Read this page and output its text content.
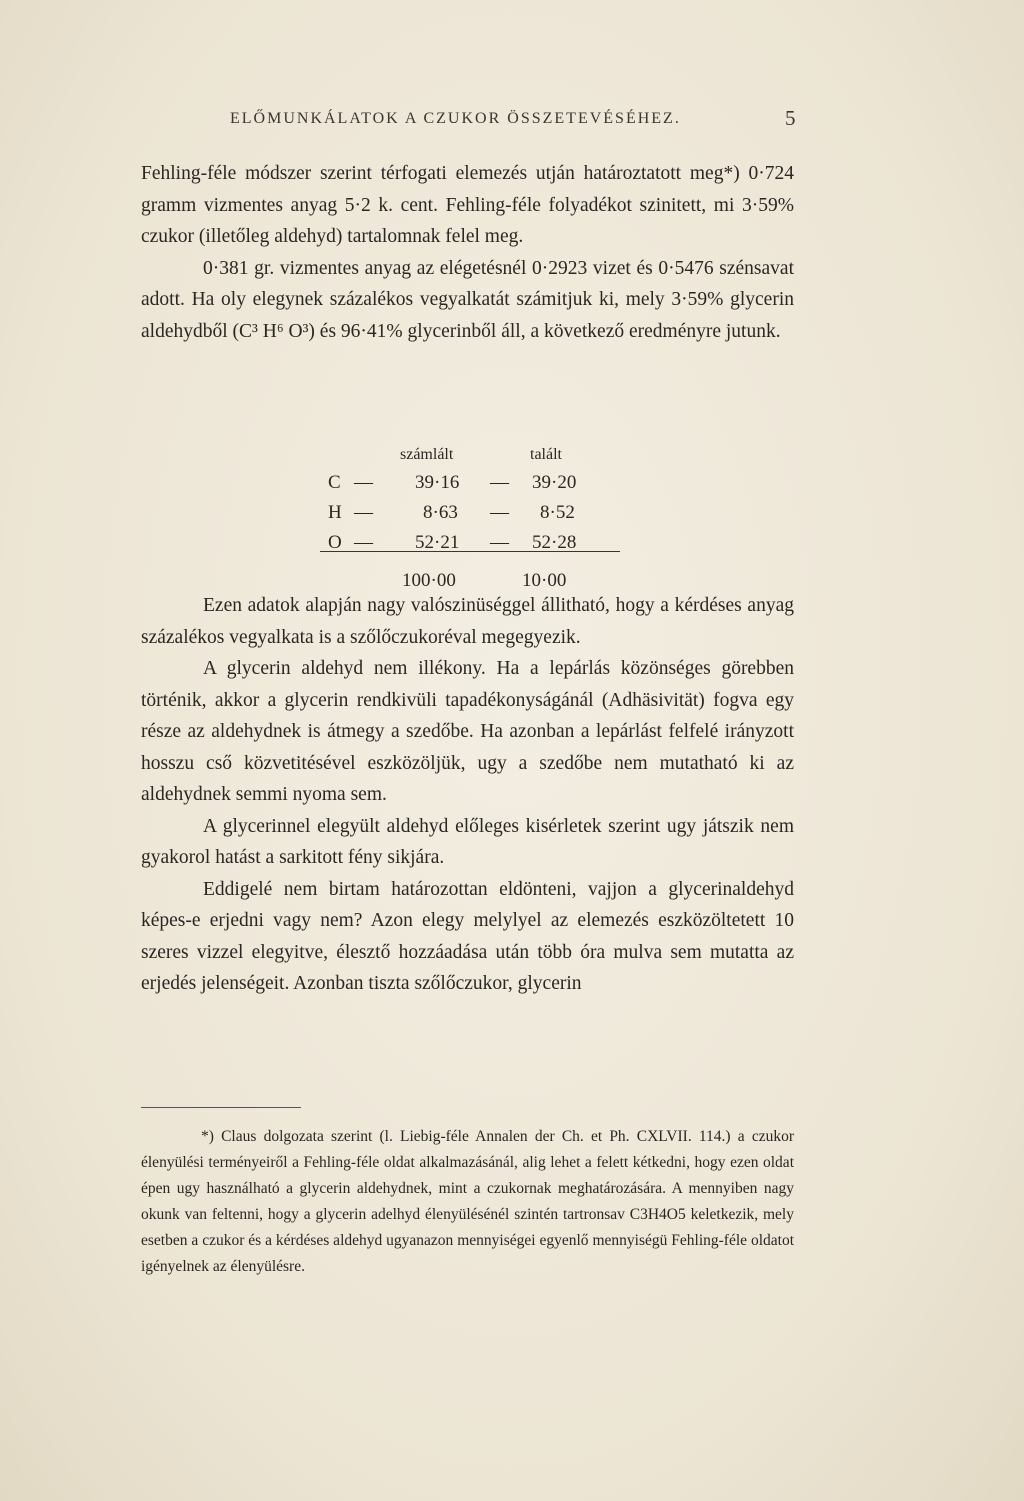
ELŐMUNKÁLATOK A CZUKOR ÖSSZETEVÉSÉHEZ.	5

Fehling-féle módszer szerint térfogati elemezés utján határoztatott meg*) 0·724 gramm vizmentes anyag 5·2 k. cent. Fehling-féle folyadékot szinitett, mi 3·59% czukor (illetőleg aldehyd) tartalomnak felel meg.

0·381 gr. vizmentes anyag az elégetésnél 0·2923 vizet és 0·5476 szénsavat adott. Ha oly elegynek százalékos vegyalkatát számitjuk ki, mely 3·59% glycerin aldehydből (C³ H⁶ O³) és 96·41% glycerinből áll, a következő eredményre jutunk.

számlált	talált
C — 39·16 — 39·20
H —	8·63 — 8·52
O — 52·21 — 52·28
100·00	10·00

Ezen adatok alapján nagy valószinüséggel állitható, hogy a kérdéses anyag százalékos vegyalkata is a szőlőczukoréval megegyezik.

A glycerin aldehyd nem illékony. Ha a lepárlás közönséges görebben történik, akkor a glycerin rendkivüli tapadékonyságánál (Adhäsivität) fogva egy része az aldehydnek is átmegy a szedőbe. Ha azonban a lepárlást felfelé irányzott hosszu cső közvetitésével eszközöljük, ugy a szedőbe nem mutatható ki az aldehydnek semmi nyoma sem.

A glycerinnel elegyült aldehyd előleges kisérletek szerint ugy játszik nem gyakorol hatást a sarkitott fény sikjára.

Eddigelé nem birtam határozottan eldönteni, vajjon a glycerinaldehyd képes-e erjedni vagy nem? Azon elegy melylyel az elemezés eszközöltetett 10 szeres vizzel elegyitve, élesztő hozzáadása után több óra mulva sem mutatta az erjedés jelenségeit. Azonban tiszta szőlőczukor, glycerin

*) Claus dolgozata szerint (l. Liebig-féle Annalen der Ch. et Ph. CXLVII. 114.) a czukor élenyülési terményeiről a Fehling-féle oldat alkalmazásánál, alig lehet a felett kétkedni, hogy ezen oldat épen ugy használható a glycerin aldehydnek, mint a czukornak meghatározására. A mennyiben nagy okunk van feltenni, hogy a glycerin adelhyd élenyülésénél szintén tartronsav C3H4O5 keletkezik, mely esetben a czukor és a kérdéses aldehyd ugyanazon mennyiségei egyenlő mennyiségü Fehling-féle oldatot igényelnek az élenyülésre.
